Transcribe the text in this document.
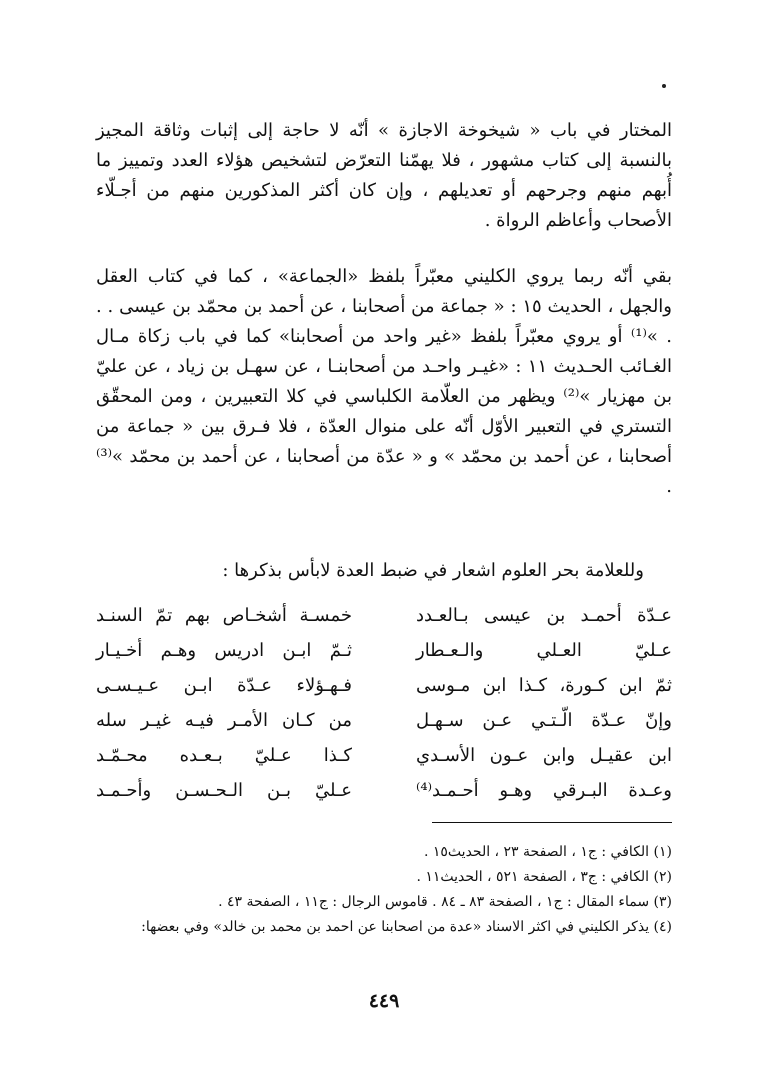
المختار في باب « شيخوخة الاجازة » أنّه لا حاجة إلى إثبات وثاقة المجيز بالنسبة إلى كتاب مشهور ، فلا يهمّنا التعرّض لتشخيص هؤلاء العدد وتمييز ما أُبهم منهم وجرحهم أو تعديلهم ، وإن كان أكثر المذكورين منهم من أجـلّاء الأصحاب وأعاظم الرواة .

بقي أنّه ربما يروي الكليني معبّراً بلفظ «الجماعة» ، كما في كتاب العقل والجهل ، الحديث ١٥ : « جماعة من أصحابنا ، عن أحمد بن محمّد بن عيسى . . . »⁽¹⁾ أو يروي معبّراً بلفظ «غير واحد من أصحابنا» كما في باب زكاة مـال الغـائب الحـديث ١١ : «غيـر واحـد من أصحابنـا ، عن سهـل بن زياد ، عن عليّ بن مهزيار »⁽²⁾ ويظهر من العلّامة الكلباسي في كلا التعبيرين ، ومن المحقّق التستري في التعبير الأوّل أنّه على منوال العدّة ، فلا فـرق بين « جماعة من أصحابنا ، عن أحمد بن محمّد » و « عدّة من أصحابنا ، عن أحمد بن محمّد »⁽³⁾ .

وللعلامة بحر العلوم اشعار في ضبط العدة لابأس بذكرها :

عـدّة أحمـد بن عيسى بـالعـدد
خمسـة أشخـاص بهم تمّ السنـد
عـليّ العـلي والـعـطار
ثـمّ ابـن ادريس وهـم أخـيـار
ثمّ ابن كـورة، كـذا ابن مـوسى
فـهـؤلاء عـدّة ابـن عـيـسـى
وإنّ عـدّة الّـتـي عـن سـهـل
من كـان الأمـر فيـه غيـر سله
ابن عقيـل وابن عـون الأسـدي
كـذا عـليّ بـعـده محـمّـد
وعـدة البـرقي وهـو أحـمـد⁽⁴⁾
عـليّ بـن الـحـسـن وأحـمـد
(١) الكافي : ج١ ، الصفحة ٢٣ ، الحديث١٥ .
(٢) الكافي : ج٣ ، الصفحة ٥٢١ ، الحديث١١ .
(٣) سماء المقال : ج١ ، الصفحة ٨٣ ـ ٨٤ . قاموس الرجال : ج١١ ، الصفحة ٤٣ .
(٤) يذكر الكليني في اكثر الاسناد «عدة من اصحابنا عن احمد بن محمد بن خالد» وفي بعضها:
٤٤٩
